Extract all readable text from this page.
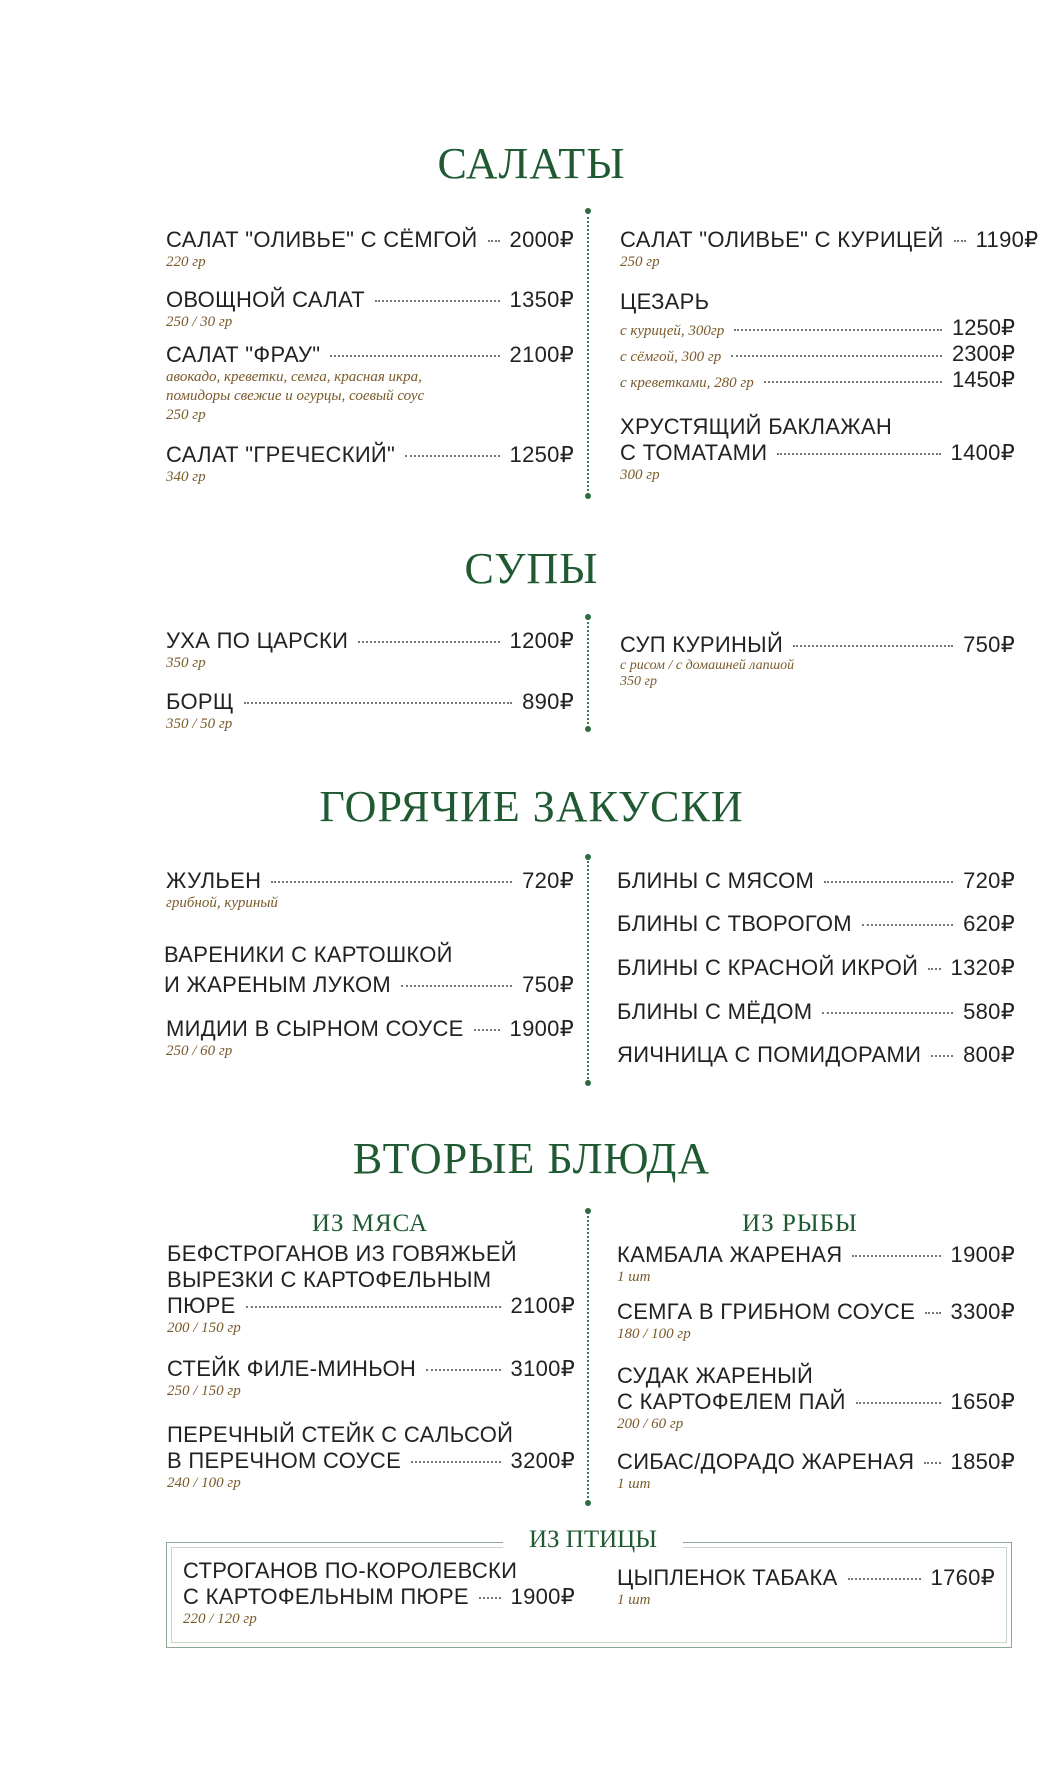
САЛАТЫ
САЛАТ "ОЛИВЬЕ" С СЁМГОЙ 2000₽
220 гр
ОВОЩНОЙ САЛАТ	1350₽
250 / 30 гр
САЛАТ "ФРАУ"	2100₽
авокадо, креветки, семга, красная икра,
помидоры свежие и огурцы, соевый соус
250 гр
САЛАТ "ГРЕЧЕСКИЙ"	1250₽
340 гр
САЛАТ "ОЛИВЬЕ" С КУРИЦЕЙ 1190₽
250 гр
ЦЕЗАРЬ
с курицей, 300гр	1250₽
с сёмгой, 300 гр	2300₽
с креветками, 280 гр	1450₽
ХРУСТЯЩИЙ БАКЛАЖАН
С ТОМАТАМИ	1400₽
300 гр
СУПЫ
УХА ПО ЦАРСКИ	1200₽
350 гр
БОРЩ	890₽
350 / 50 гр
СУП КУРИНЫЙ	750₽
с рисом / с домашней лапшой
350 гр
ГОРЯЧИЕ ЗАКУСКИ
ЖУЛЬЕН	720₽
грибной, куриный
ВАРЕНИКИ С КАРТОШКОЙ
И ЖАРЕНЫМ ЛУКОМ	750₽
МИДИИ В СЫРНОМ СОУСЕ 1900₽
250 / 60 гр
БЛИНЫ С МЯСОМ	720₽
БЛИНЫ С ТВОРОГОМ	620₽
БЛИНЫ С КРАСНОЙ ИКРОЙ 1320₽
БЛИНЫ С МЁДОМ	580₽
ЯИЧНИЦА С ПОМИДОРАМИ 800₽
ВТОРЫЕ БЛЮДА
ИЗ МЯСА	ИЗ РЫБЫ
БЕФСТРОГАНОВ ИЗ ГОВЯЖЬЕЙ
ВЫРЕЗКИ С КАРТОФЕЛЬНЫМ
ПЮРЕ	2100₽
200 / 150 гр
СТЕЙК ФИЛЕ-МИНЬОН	3100₽
250 / 150 гр
ПЕРЕЧНЫЙ СТЕЙК С САЛЬСОЙ
В ПЕРЕЧНОМ СОУСЕ	3200₽
240 / 100 гр
КАМБАЛА ЖАРЕНАЯ	1900₽
1 шт
СЕМГА В ГРИБНОМ СОУСЕ 3300₽
180 / 100 гр
СУДАК ЖАРЕНЫЙ
С КАРТОФЕЛЕМ ПАЙ	1650₽
200 / 60 гр
СИБАС/ДОРАДО ЖАРЕНАЯ 1850₽
1 шт
ИЗ ПТИЦЫ
СТРОГАНОВ ПО-КОРОЛЕВСКИ
С КАРТОФЕЛЬНЫМ ПЮРЕ 1900₽
220 / 120 гр
ЦЫПЛЕНОК ТАБАКА	1760₽
1 шт
